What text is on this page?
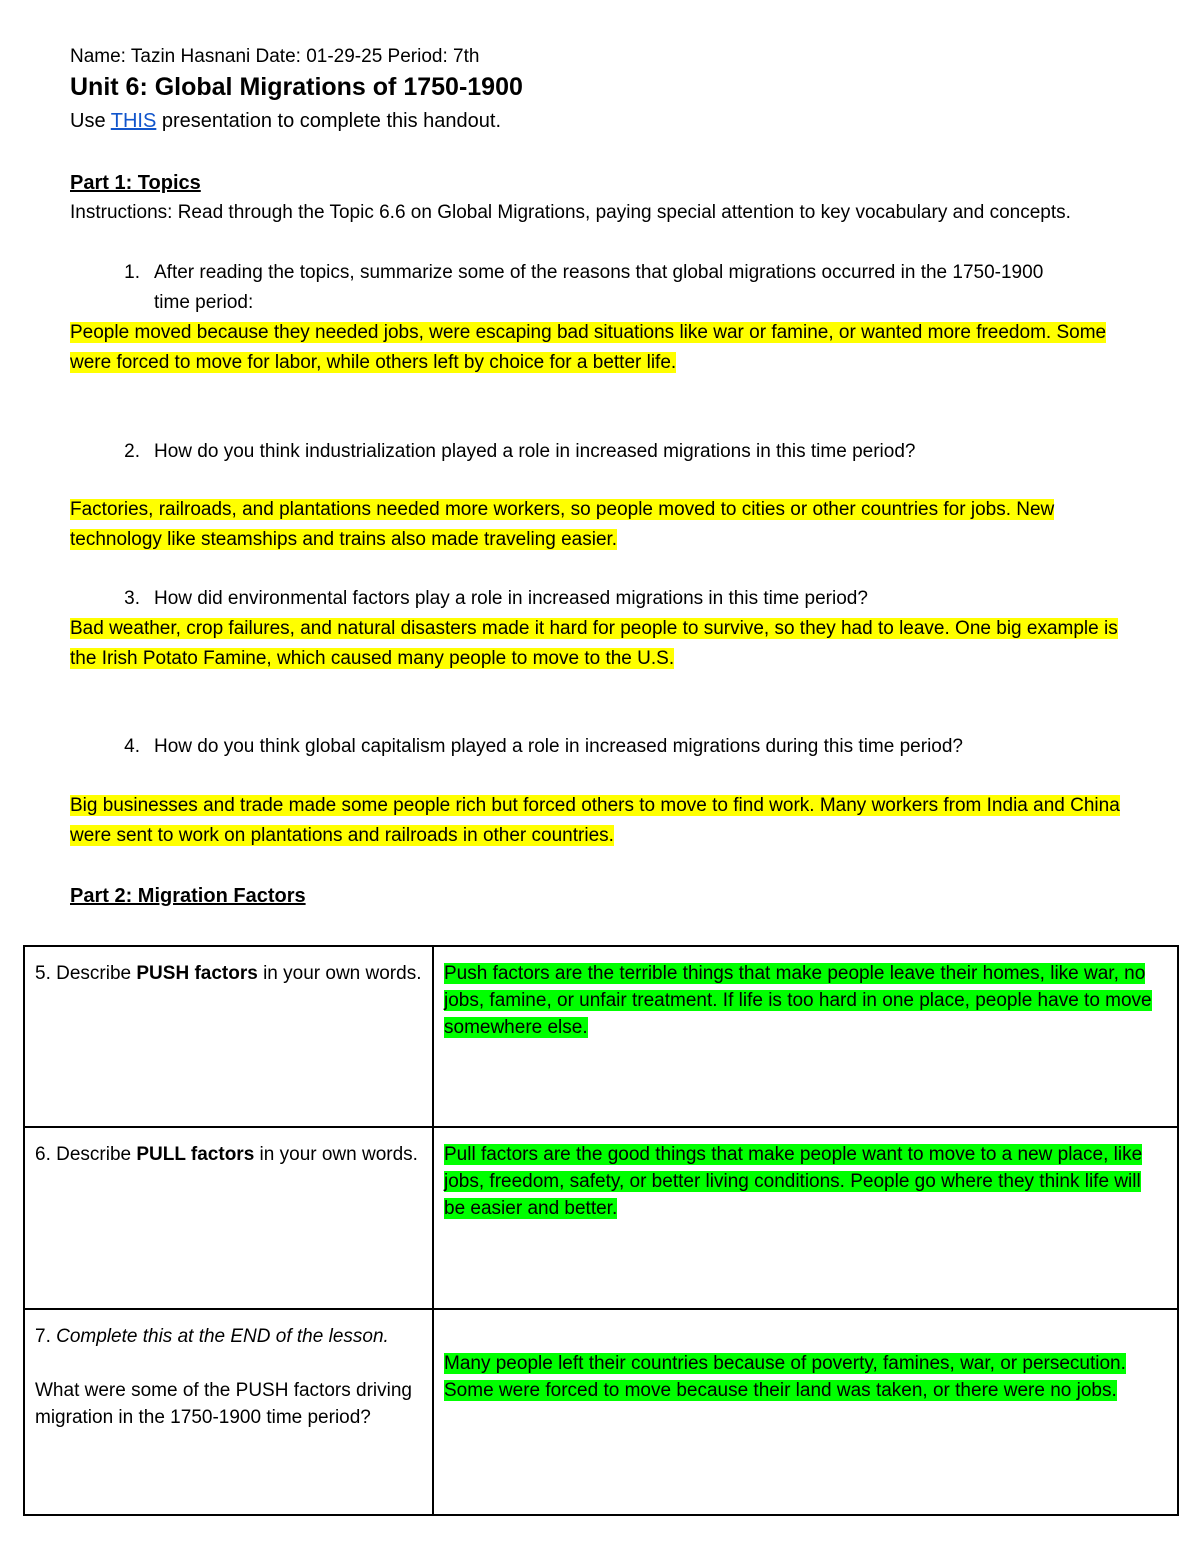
Name: Tazin Hasnani Date: 01-29-25 Period: 7th

Unit 6: Global Migrations of 1750-1900

Use THIS presentation to complete this handout.

Part 1: Topics

Instructions: Read through the Topic 6.6 on Global Migrations, paying special attention to key vocabulary and concepts.

1. After reading the topics, summarize some of the reasons that global migrations occurred in the 1750-1900 time period:

People moved because they needed jobs, were escaping bad situations like war or famine, or wanted more freedom. Some were forced to move for labor, while others left by choice for a better life.

2. How do you think industrialization played a role in increased migrations in this time period?

Factories, railroads, and plantations needed more workers, so people moved to cities or other countries for jobs. New technology like steamships and trains also made traveling easier.

3. How did environmental factors play a role in increased migrations in this time period?

Bad weather, crop failures, and natural disasters made it hard for people to survive, so they had to leave. One big example is the Irish Potato Famine, which caused many people to move to the U.S.

4. How do you think global capitalism played a role in increased migrations during this time period?

Big businesses and trade made some people rich but forced others to move to find work. Many workers from India and China were sent to work on plantations and railroads in other countries.

Part 2: Migration Factors

5. Describe PUSH factors in your own words.	Push factors are the terrible things that make people leave their homes, like war, no jobs, famine, or unfair treatment. If life is too hard in one place, people have to move somewhere else.
6. Describe PULL factors in your own words.	Pull factors are the good things that make people want to move to a new place, like jobs, freedom, safety, or better living conditions. People go where they think life will be easier and better.

7. Complete this at the END of the lesson.
What were some of the PUSH factors driving migration in the 1750-1900 time period?	Many people left their countries because of poverty, famines, war, or persecution. Some were forced to move because their land was taken, or there were no jobs.
